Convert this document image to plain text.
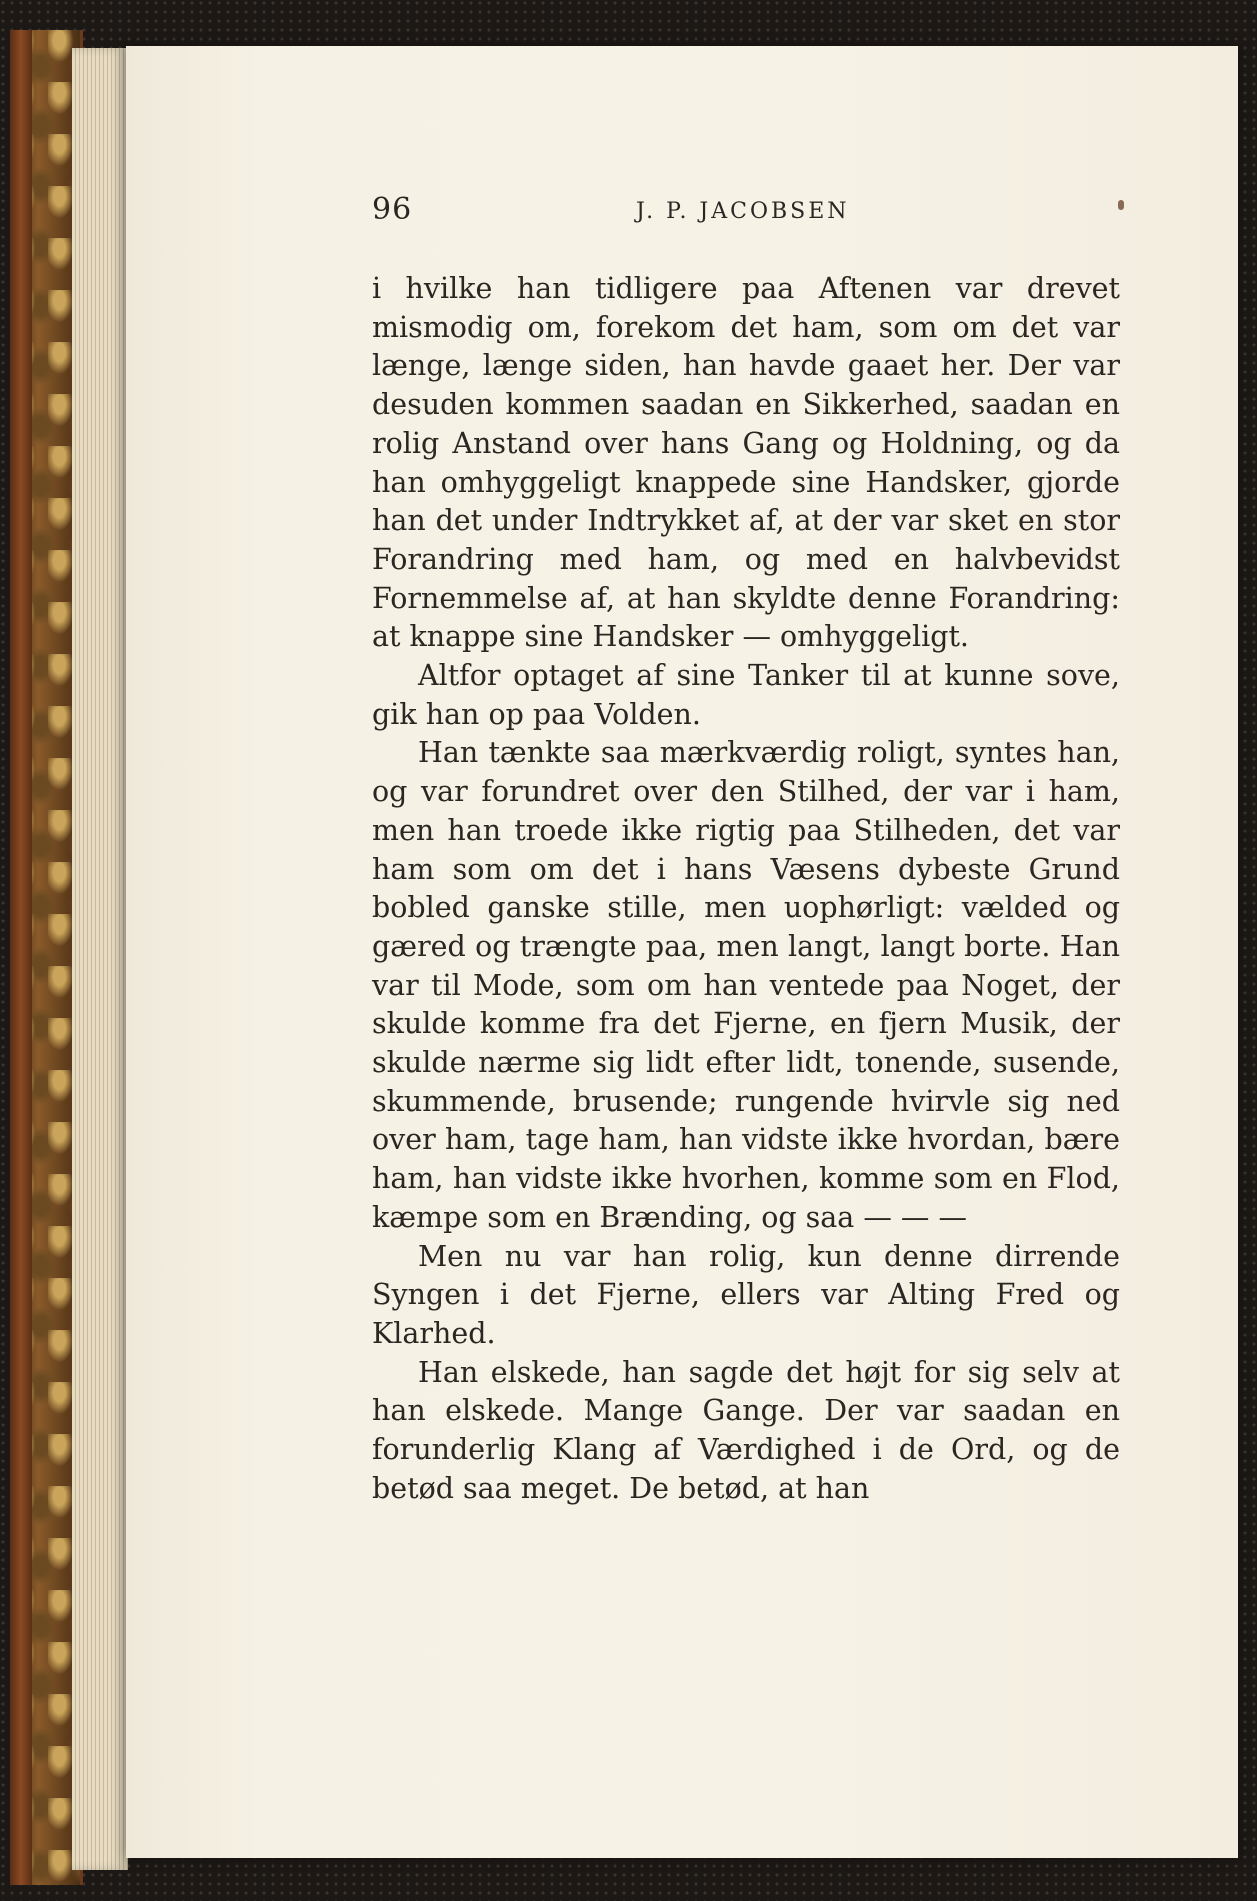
96	J. P. JACOBSEN

i hvilke han tidligere paa Aftenen var drevet mismodig om, forekom det ham, som om det var længe, længe siden, han havde gaaet her. Der var desuden kommen saadan en Sikkerhed, saadan en rolig Anstand over hans Gang og Holdning, og da han omhyggeligt knappede sine Handsker, gjorde han det under Indtrykket af, at der var sket en stor Forandring med ham, og med en halvbevidst Fornemmelse af, at han skyldte denne Forandring: at knappe sine Handsker — omhyggeligt.

Altfor optaget af sine Tanker til at kunne sove, gik han op paa Volden.

Han tænkte saa mærkværdig roligt, syntes han, og var forundret over den Stilhed, der var i ham, men han troede ikke rigtig paa Stilheden, det var ham som om det i hans Væsens dybeste Grund bobled ganske stille, men uophørligt: vælded og gæred og trængte paa, men langt, langt borte. Han var til Mode, som om han ventede paa Noget, der skulde komme fra det Fjerne, en fjern Musik, der skulde nærme sig lidt efter lidt, tonende, susende, skummende, brusende; rungende hvirvle sig ned over ham, tage ham, han vidste ikke hvordan, bære ham, han vidste ikke hvorhen, komme som en Flod, kæmpe som en Brænding, og saa — — —

Men nu var han rolig, kun denne dirrende Syngen i det Fjerne, ellers var Alting Fred og Klarhed.

Han elskede, han sagde det højt for sig selv at han elskede. Mange Gange. Der var saadan en forunderlig Klang af Værdighed i de Ord, og de betød saa meget. De betød, at han
